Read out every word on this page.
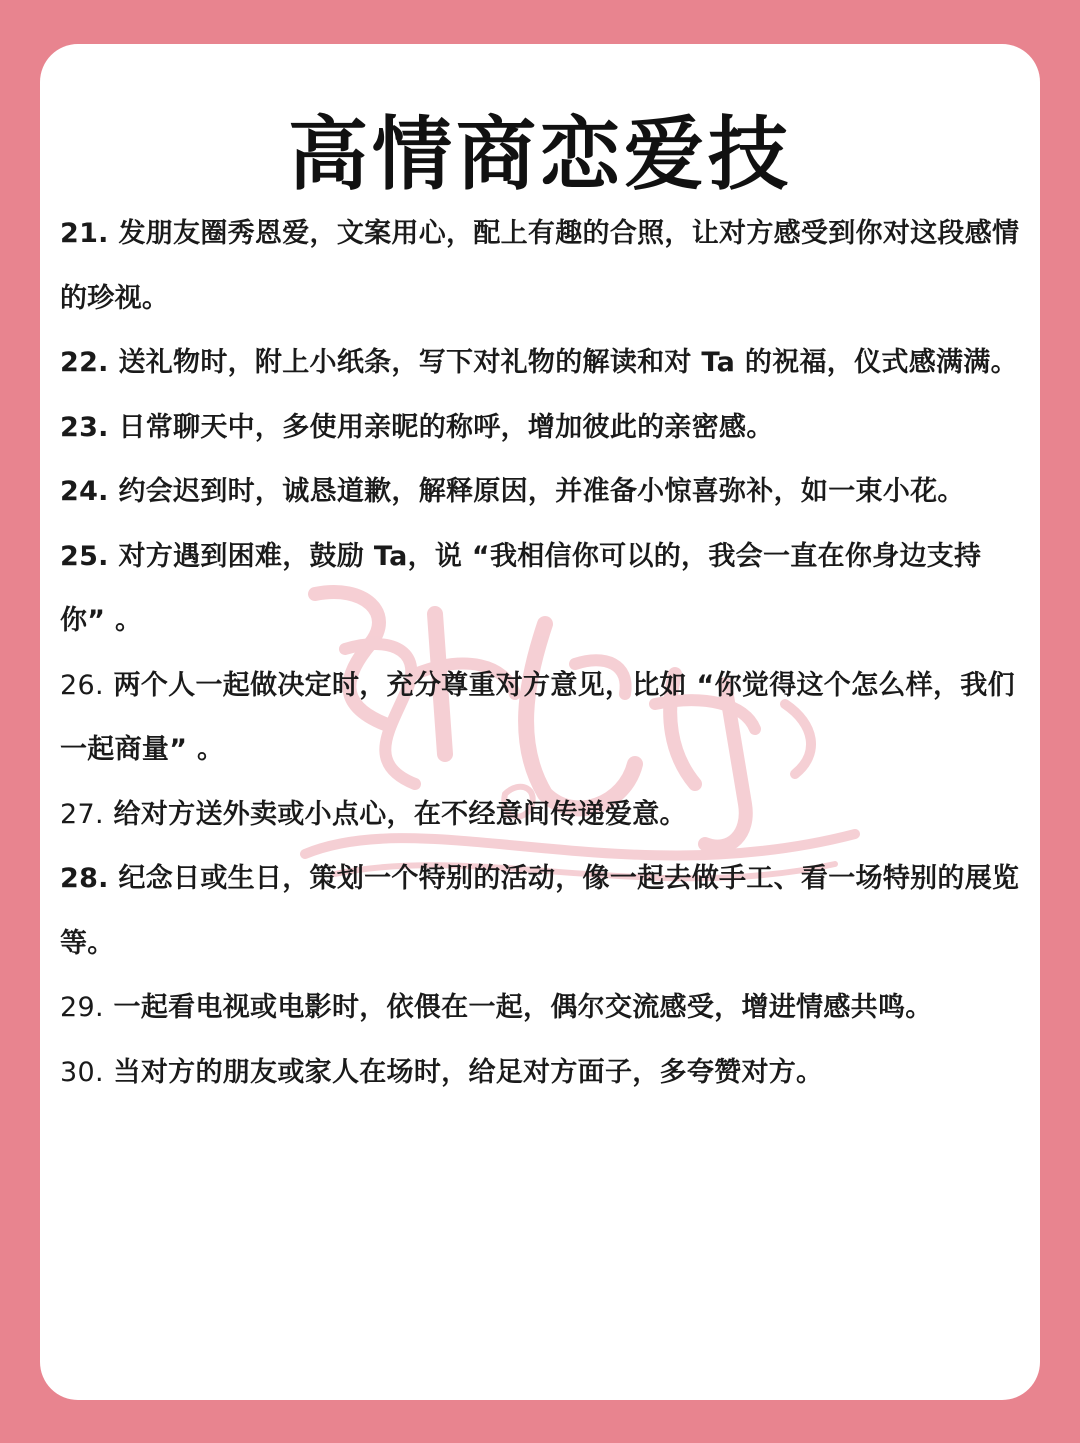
高情商恋爱技
21. 发朋友圈秀恩爱，文案用心，配上有趣的合照，让对方感受到你对这段感情的珍视。
22. 送礼物时，附上小纸条，写下对礼物的解读和对 Ta 的祝福，仪式感满满。
23. 日常聊天中，多使用亲昵的称呼，增加彼此的亲密感。
24. 约会迟到时，诚恳道歉，解释原因，并准备小惊喜弥补，如一束小花。
25. 对方遇到困难，鼓励 Ta，说 “我相信你可以的，我会一直在你身边支持你” 。
26. 两个人一起做决定时，充分尊重对方意见，比如 “你觉得这个怎么样，我们一起商量” 。
27. 给对方送外卖或小点心，在不经意间传递爱意。
28. 纪念日或生日，策划一个特别的活动，像一起去做手工、看一场特别的展览等。
29. 一起看电视或电影时，依偎在一起，偶尔交流感受，增进情感共鸣。
30. 当对方的朋友或家人在场时，给足对方面子，多夸赞对方。
